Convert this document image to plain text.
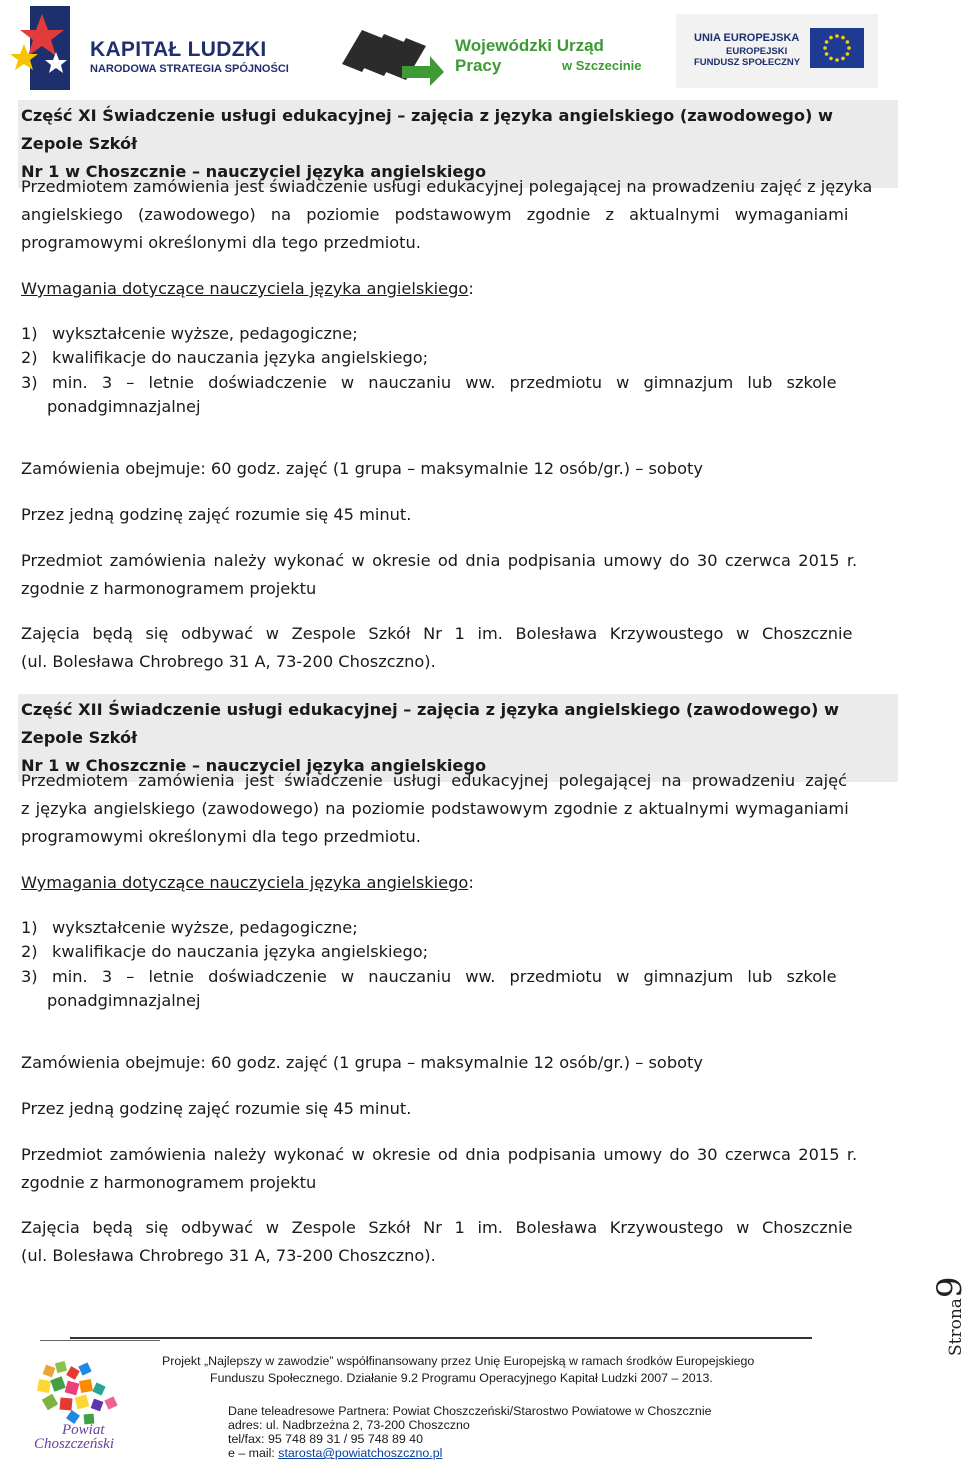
KAPITAŁ LUDZKI
NARODOWA STRATEGIA SPÓJNOŚCI
Wojewódzki Urząd Pracy	w Szczecinie
UNIA EUROPEJSKA
EUROPEJSKI
FUNDUSZ SPOŁECZNY
Część XI Świadczenie usługi edukacyjnej – zajęcia z języka angielskiego (zawodowego) w Zepole Szkół
Nr 1 w Choszcznie – nauczyciel języka angielskiego
Przedmiotem zamówienia jest świadczenie usługi edukacyjnej polegającej na prowadzeniu zajęć z języka
angielskiego (zawodowego) na poziomie podstawowym zgodnie z aktualnymi wymaganiami
programowymi określonymi dla tego przedmiotu.
Wymagania dotyczące nauczyciela języka angielskiego:
1) wykształcenie wyższe, pedagogiczne;
2) kwalifikacje do nauczania języka angielskiego;
3) min. 3 – letnie doświadczenie w nauczaniu ww. przedmiotu w gimnazjum lub szkole
ponadgimnazjalnej
Zamówienia obejmuje: 60 godz. zajęć (1 grupa – maksymalnie 12 osób/gr.) – soboty
Przez jedną godzinę zajęć rozumie się 45 minut.
Przedmiot zamówienia należy wykonać w okresie od dnia podpisania umowy do 30 czerwca 2015 r.
zgodnie z harmonogramem projektu
Zajęcia będą się odbywać w Zespole Szkół Nr 1 im. Bolesława Krzywoustego w Choszcznie
(ul. Bolesława Chrobrego 31 A, 73-200 Choszczno).
Część XII Świadczenie usługi edukacyjnej – zajęcia z języka angielskiego (zawodowego) w Zepole Szkół
Nr 1 w Choszcznie – nauczyciel języka angielskiego
Przedmiotem zamówienia jest świadczenie usługi edukacyjnej polegającej na prowadzeniu zajęć
z języka angielskiego (zawodowego) na poziomie podstawowym zgodnie z aktualnymi wymaganiami
programowymi określonymi dla tego przedmiotu.
Wymagania dotyczące nauczyciela języka angielskiego:
1) wykształcenie wyższe, pedagogiczne;
2) kwalifikacje do nauczania języka angielskiego;
3) min. 3 – letnie doświadczenie w nauczaniu ww. przedmiotu w gimnazjum lub szkole
ponadgimnazjalnej
Zamówienia obejmuje: 60 godz. zajęć (1 grupa – maksymalnie 12 osób/gr.) – soboty
Przez jedną godzinę zajęć rozumie się 45 minut.
Przedmiot zamówienia należy wykonać w okresie od dnia podpisania umowy do 30 czerwca 2015 r.
zgodnie z harmonogramem projektu
Zajęcia będą się odbywać w Zespole Szkół Nr 1 im. Bolesława Krzywoustego w Choszcznie
(ul. Bolesława Chrobrego 31 A, 73-200 Choszczno).
Strona9
Projekt „Najlepszy w zawodzie” współfinansowany przez Unię Europejską w ramach środków Europejskiego
Funduszu Społecznego. Działanie 9.2 Programu Operacyjnego Kapitał Ludzki 2007 – 2013.
Dane teleadresowe Partnera: Powiat Choszczeński/Starostwo Powiatowe w Choszcznie
adres: ul. Nadbrzeżna 2, 73-200 Choszczno
tel/fax: 95 748 89 31 / 95 748 89 40
e – mail: starosta@powiatchoszczno.pl
Powiat
Choszczeński
